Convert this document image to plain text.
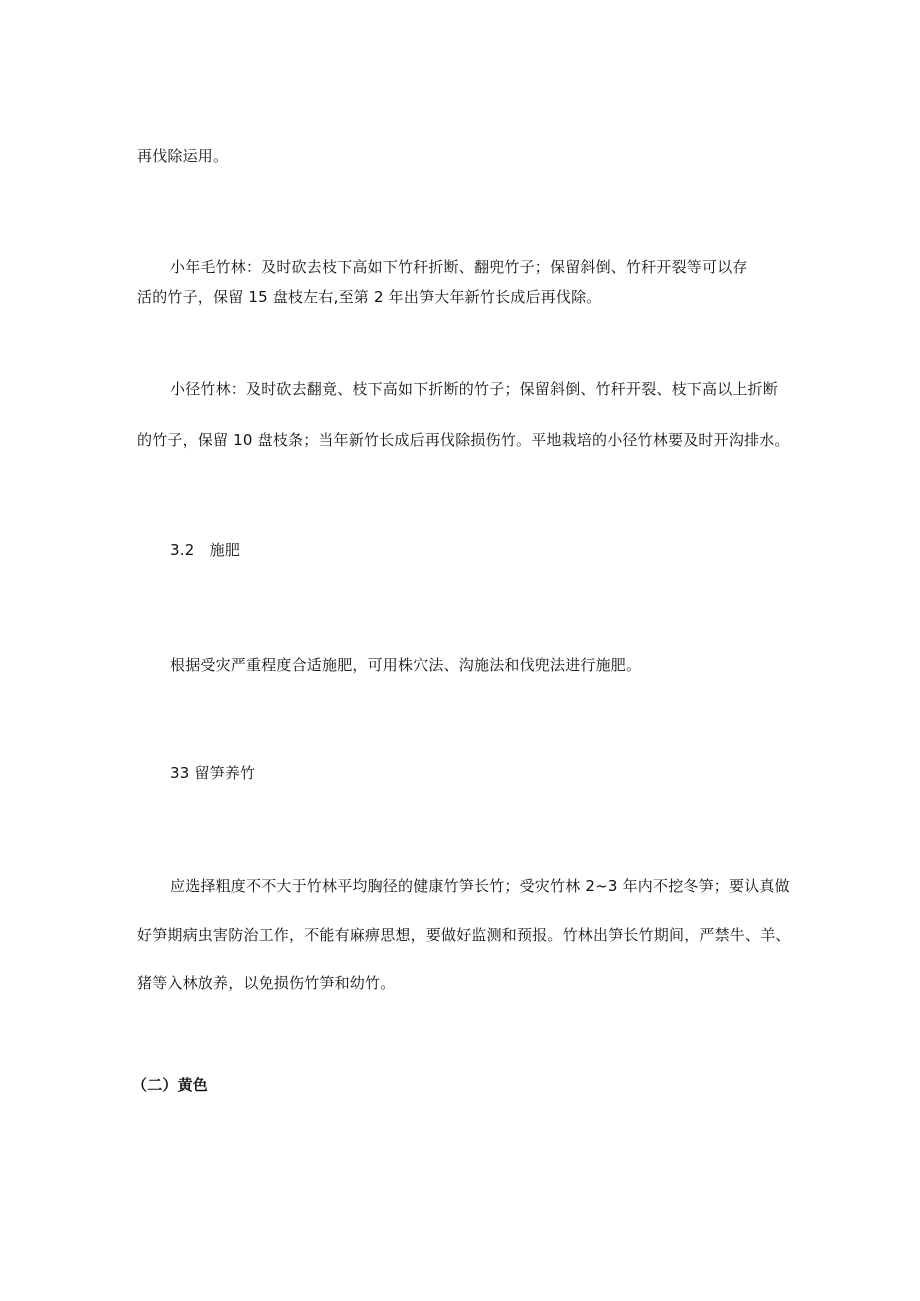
再伐除运用。
小年毛竹林：及时砍去枝下高如下竹秆折断、翻兜竹子；保留斜倒、竹秆开裂等可以存
活的竹子，保留 15 盘枝左右,至第 2 年出笋大年新竹长成后再伐除。
小径竹林：及时砍去翻竟、枝下高如下折断的竹子；保留斜倒、竹秆开裂、枝下高以上折断
的竹子，保留 10 盘枝条；当年新竹长成后再伐除损伤竹。平地栽培的小径竹林要及时开沟排水。
3.2　施肥
根据受灾严重程度合适施肥，可用株穴法、沟施法和伐兜法进行施肥。
33 留笋养竹
应选择粗度不不大于竹林平均胸径的健康竹笋长竹；受灾竹林 2~3 年内不挖冬笋；要认真做
好笋期病虫害防治工作，不能有麻痹思想，要做好监测和预报。竹林出笋长竹期间，严禁牛、羊、
猪等入林放养，以免损伤竹笋和幼竹。
（二）黄色
